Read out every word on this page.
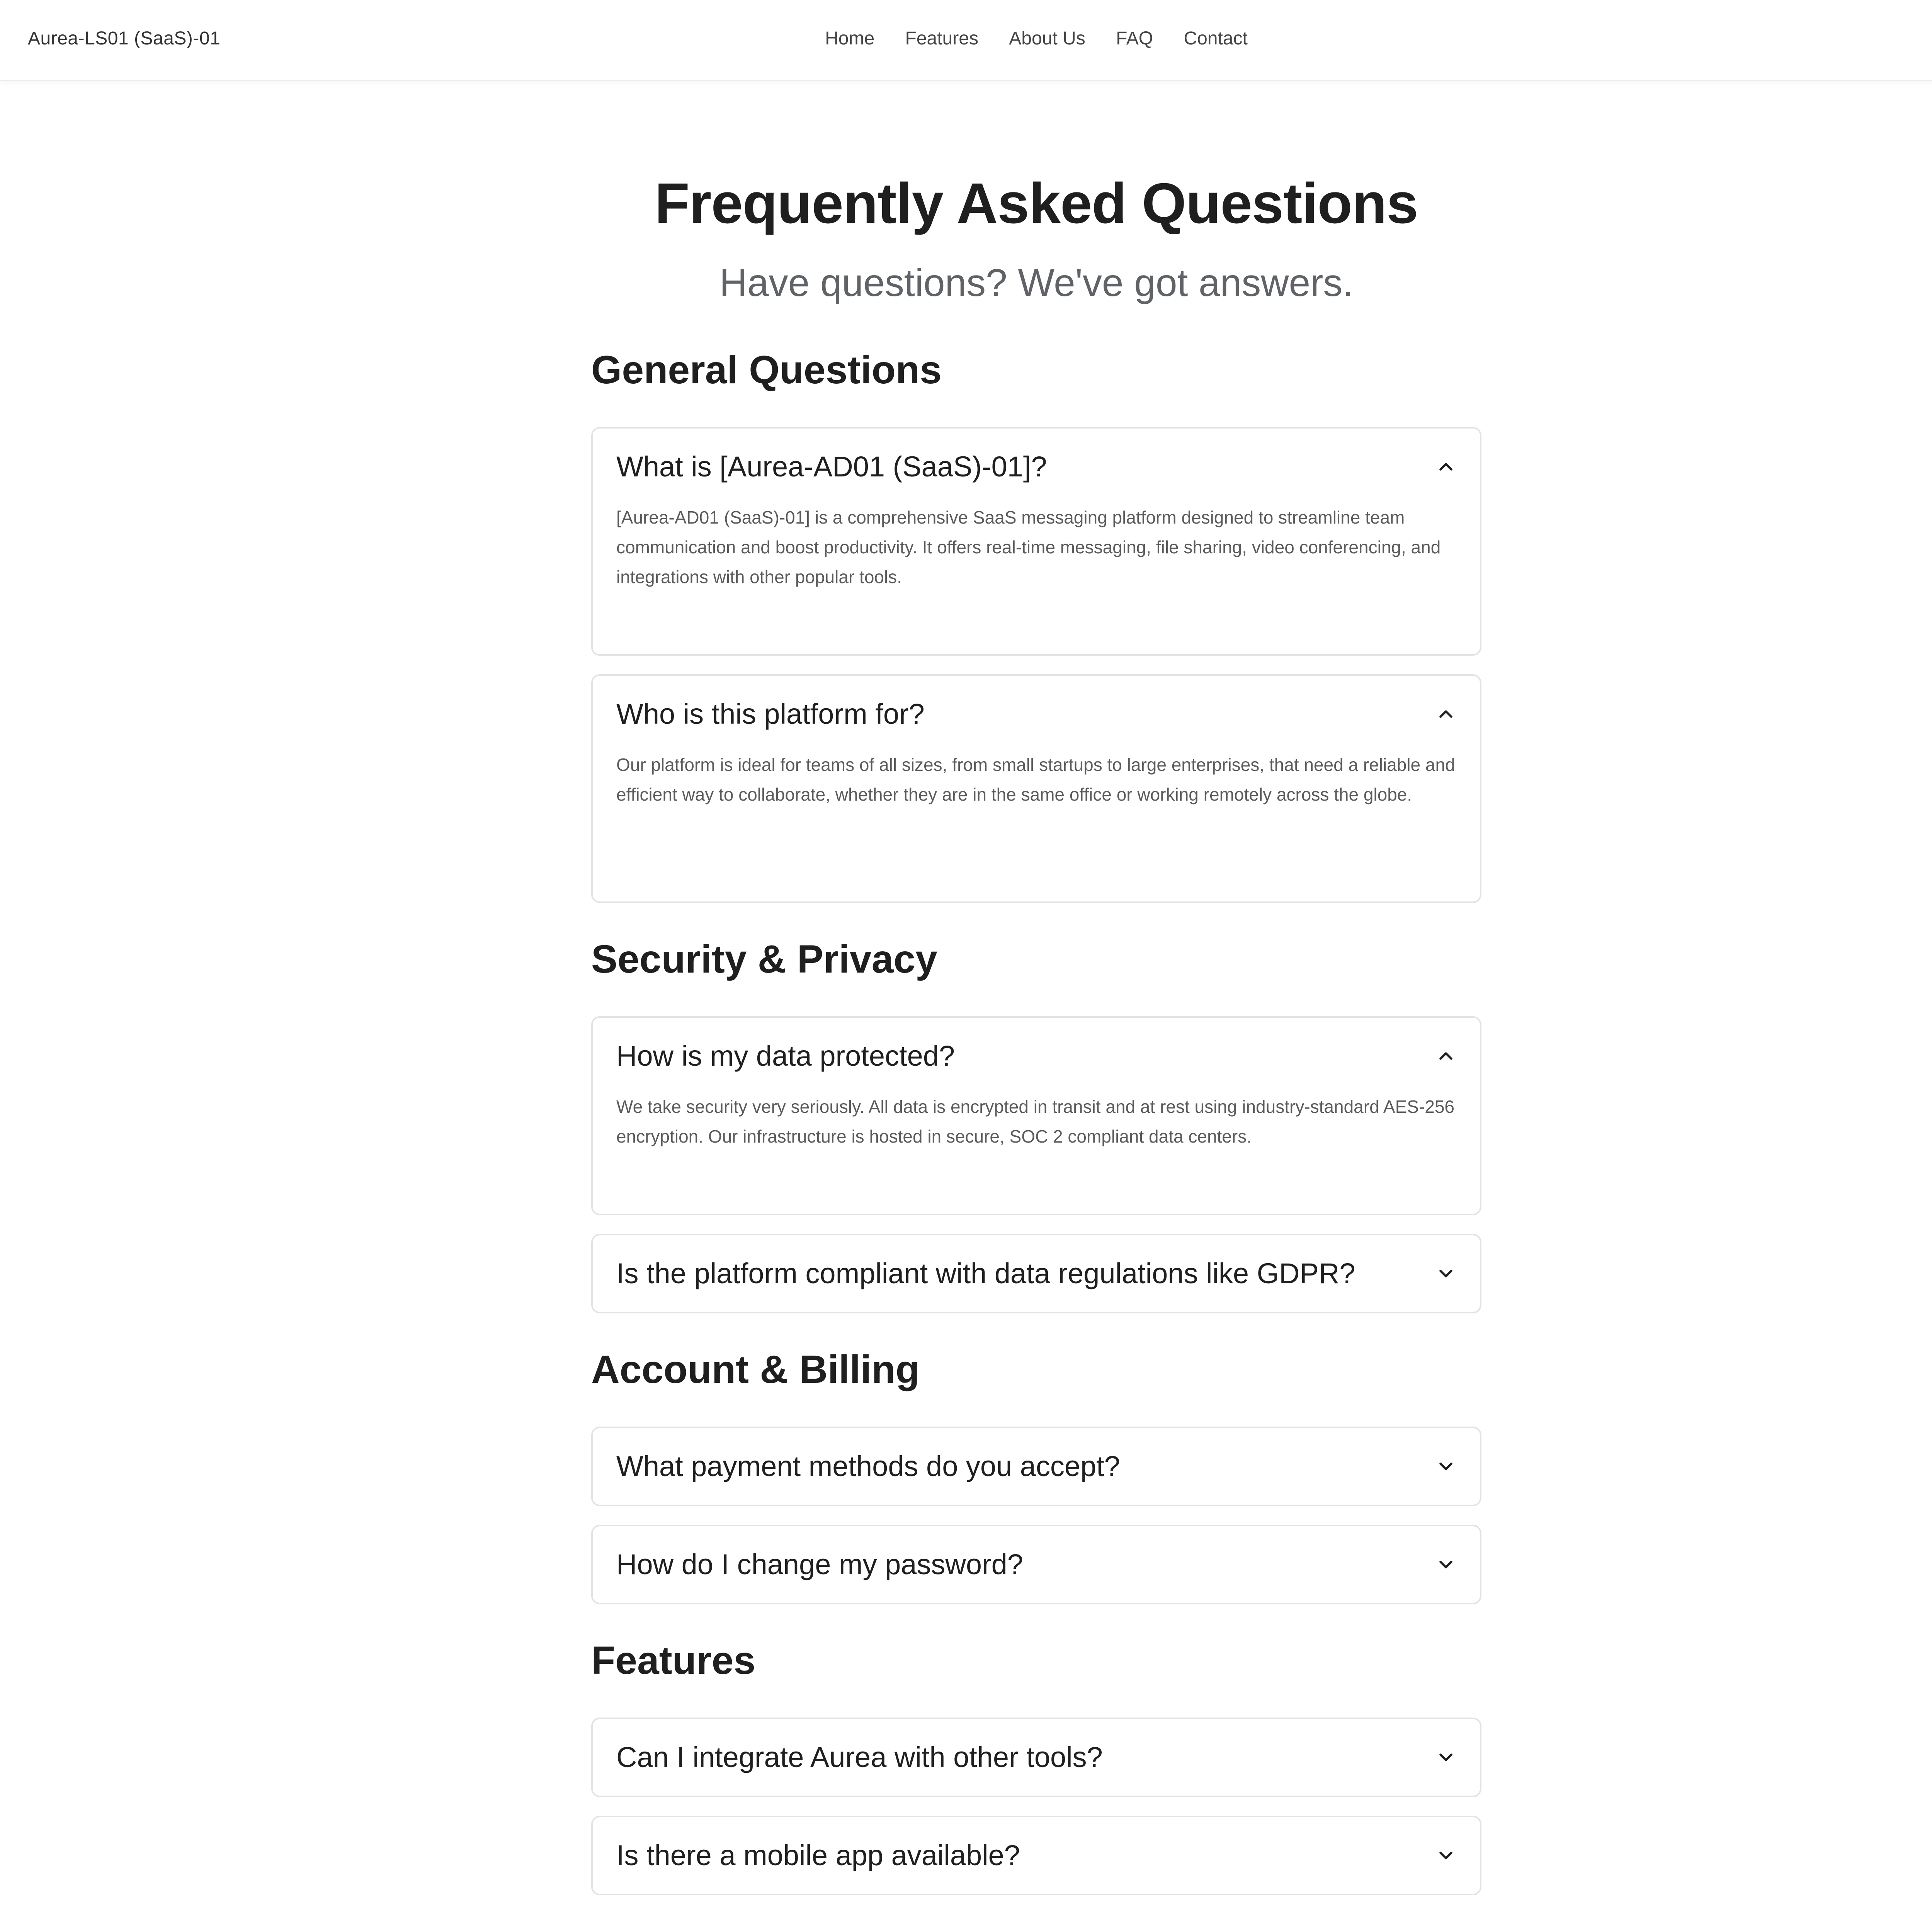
Aurea-LS01 (SaaS)-01	Home Features About Us FAQ Contact
Frequently Asked Questions

Have questions? We've got answers.

General Questions
What is [Aurea-AD01 (SaaS)-01]?
[Aurea-AD01 (SaaS)-01] is a comprehensive SaaS messaging platform designed to streamline team communication and boost productivity. It offers real-time messaging, file sharing, video conferencing, and integrations with other popular tools.
Who is this platform for?
Our platform is ideal for teams of all sizes, from small startups to large enterprises, that need a reliable and efficient way to collaborate, whether they are in the same office or working remotely across the globe.
Security & Privacy
How is my data protected?
We take security very seriously. All data is encrypted in transit and at rest using industry-standard AES-256 encryption. Our infrastructure is hosted in secure, SOC 2 compliant data centers.
Is the platform compliant with data regulations like GDPR?
Account & Billing
What payment methods do you accept?
How do I change my password?
Features
Can I integrate Aurea with other tools?
Is there a mobile app available?
